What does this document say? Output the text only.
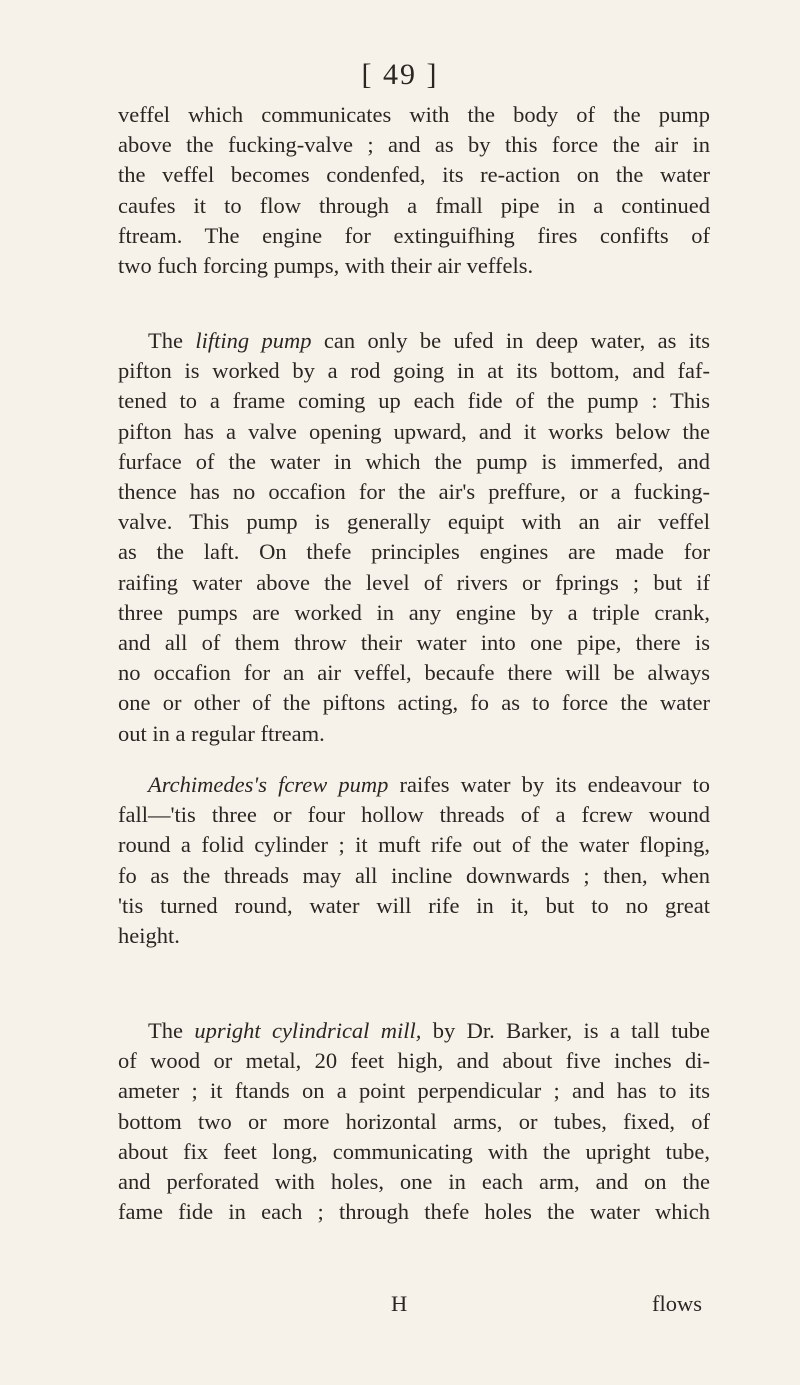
[ 49 ]
veffel which communicates with the body of the pump
above the fucking-valve ; and as by this force the air in
the veffel becomes condenfed, its re-action on the water
caufes it to flow through a fmall pipe in a continued
ftream. The engine for extinguifhing fires confifts of
two fuch forcing pumps, with their air veffels.
The lifting pump can only be ufed in deep water, as its
pifton is worked by a rod going in at its bottom, and faf-
tened to a frame coming up each fide of the pump : This
pifton has a valve opening upward, and it works below the
furface of the water in which the pump is immerfed, and
thence has no occafion for the air's preffure, or a fucking-
valve. This pump is generally equipt with an air veffel
as the laft. On thefe principles engines are made for
raifing water above the level of rivers or fprings ; but if
three pumps are worked in any engine by a triple crank,
and all of them throw their water into one pipe, there is
no occafion for an air veffel, becaufe there will be always
one or other of the piftons acting, fo as to force the water
out in a regular ftream.
Archimedes's fcrew pump raifes water by its endeavour to
fall—'tis three or four hollow threads of a fcrew wound
round a folid cylinder ; it muft rife out of the water floping,
fo as the threads may all incline downwards ; then, when
'tis turned round, water will rife in it, but to no great
height.
The upright cylindrical mill, by Dr. Barker, is a tall tube
of wood or metal, 20 feet high, and about five inches di-
ameter ; it ftands on a point perpendicular ; and has to its
bottom two or more horizontal arms, or tubes, fixed, of
about fix feet long, communicating with the upright tube,
and perforated with holes, one in each arm, and on the
fame fide in each ; through thefe holes the water which
H	flows
